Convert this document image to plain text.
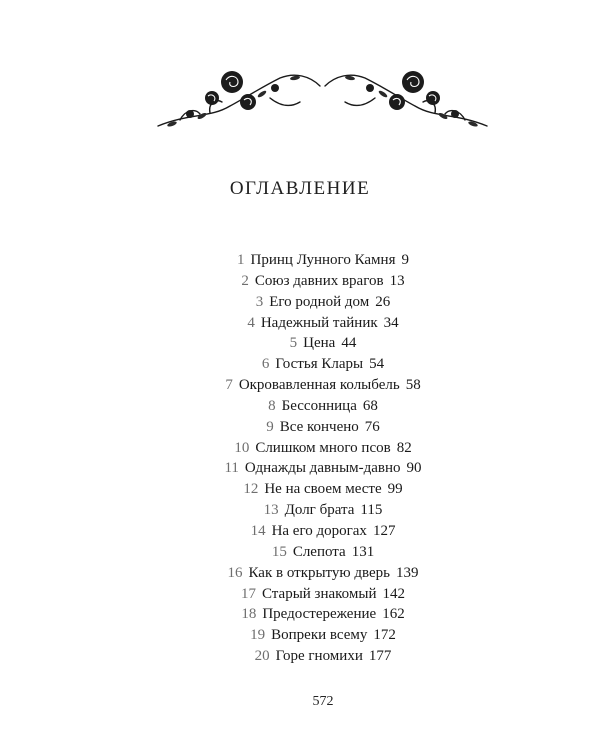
ОГЛАВЛЕНИЕ
1 Принц Лунного Камня 9
2 Союз давних врагов 13
3 Его родной дом 26
4 Надежный тайник 34
5 Цена 44
6 Гостья Клары 54
7 Окровавленная колыбель 58
8 Бессонница 68
9 Все кончено 76
10 Слишком много псов 82
11 Однажды давным-давно 90
12 Не на своем месте 99
13 Долг брата 115
14 На его дорогах 127
15 Слепота 131
16 Как в открытую дверь 139
17 Старый знакомый 142
18 Предостережение 162
19 Вопреки всему 172
20 Горе гномихи 177
572
